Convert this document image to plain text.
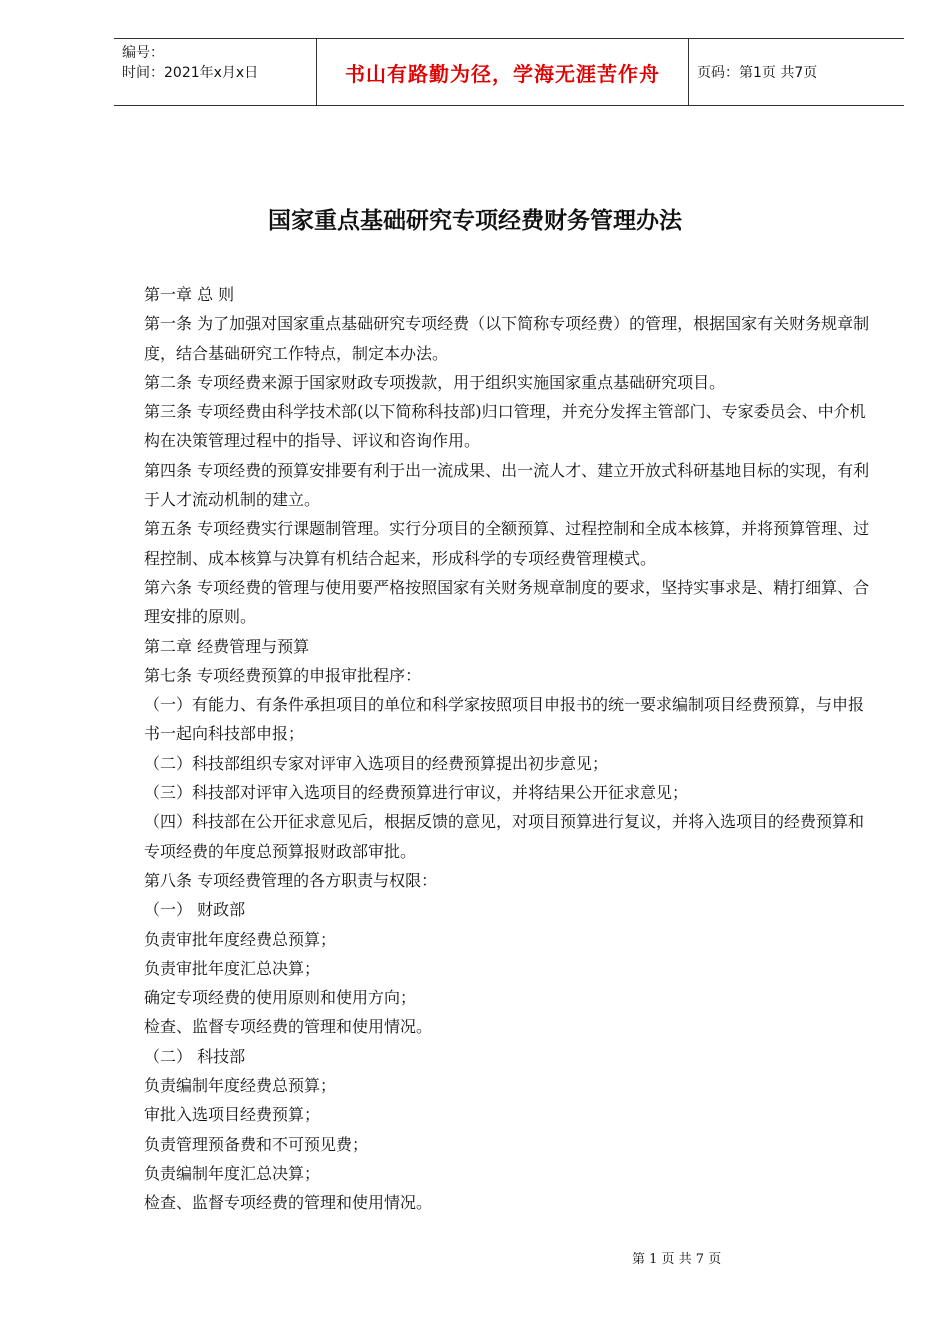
编号：
时间：2021年x月x日	书山有路勤为径，学海无涯苦作舟	页码：第1页 共7页
国家重点基础研究专项经费财务管理办法

第一章 总 则

第一条 为了加强对国家重点基础研究专项经费（以下简称专项经费）的管理，根据国家有关财务规章制度，结合基础研究工作特点，制定本办法。

第二条 专项经费来源于国家财政专项拨款，用于组织实施国家重点基础研究项目。

第三条 专项经费由科学技术部(以下简称科技部)归口管理，并充分发挥主管部门、专家委员会、中介机构在决策管理过程中的指导、评议和咨询作用。

第四条 专项经费的预算安排要有利于出一流成果、出一流人才、建立开放式科研基地目标的实现，有利于人才流动机制的建立。

第五条 专项经费实行课题制管理。实行分项目的全额预算、过程控制和全成本核算，并将预算管理、过程控制、成本核算与决算有机结合起来，形成科学的专项经费管理模式。

第六条 专项经费的管理与使用要严格按照国家有关财务规章制度的要求，坚持实事求是、精打细算、合理安排的原则。

第二章 经费管理与预算

第七条 专项经费预算的申报审批程序：

（一）有能力、有条件承担项目的单位和科学家按照项目申报书的统一要求编制项目经费预算，与申报书一起向科技部申报；

（二）科技部组织专家对评审入选项目的经费预算提出初步意见；

（三）科技部对评审入选项目的经费预算进行审议，并将结果公开征求意见；

（四）科技部在公开征求意见后，根据反馈的意见，对项目预算进行复议，并将入选项目的经费预算和专项经费的年度总预算报财政部审批。

第八条 专项经费管理的各方职责与权限：

（一） 财政部

负责审批年度经费总预算；

负责审批年度汇总决算；

确定专项经费的使用原则和使用方向；

检查、监督专项经费的管理和使用情况。

（二） 科技部

负责编制年度经费总预算；

审批入选项目经费预算；

负责管理预备费和不可预见费；

负责编制年度汇总决算；

检查、监督专项经费的管理和使用情况。

第 1 页 共 7 页
